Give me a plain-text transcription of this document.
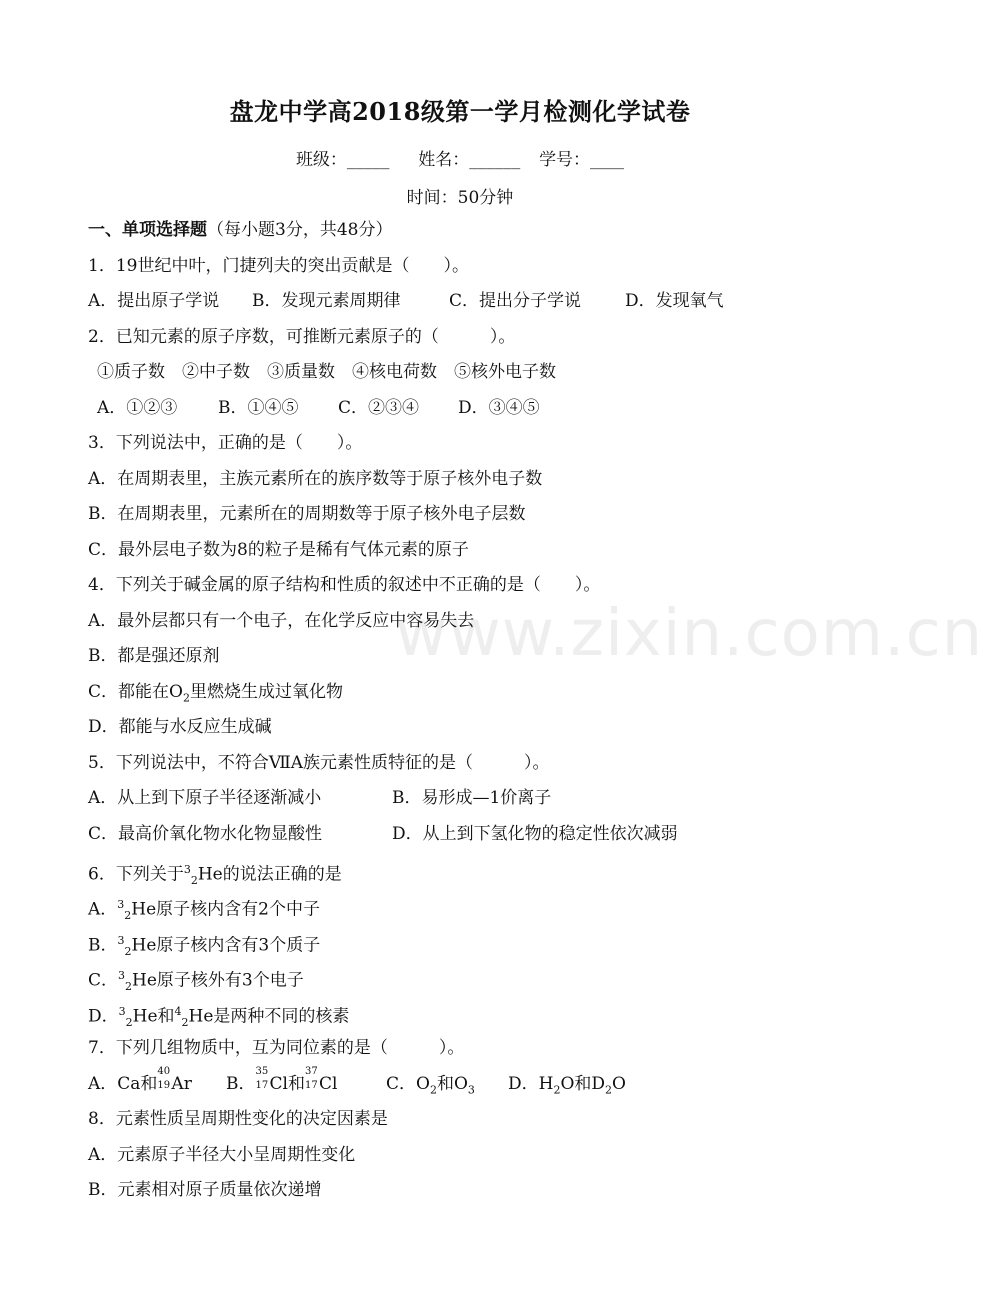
www.zixin.com.cn
盘龙中学高2018级第一学月检测化学试卷
班级：_____ 姓名：______ 学号：____
时间：50分钟
一、单项选择题（每小题3分，共48分）
1．19世纪中叶，门捷列夫的突出贡献是（　　）。
A．提出原子学说 B．发现元素周期律	C．提出分子学说	D．发现氧气
2．已知元素的原子序数，可推断元素原子的（　　　）。
①质子数　②中子数　③质量数　④核电荷数　⑤核外电子数
A．①②③ B．①④⑤ C．②③④ D．③④⑤
3．下列说法中，正确的是（　　）。
A．在周期表里，主族元素所在的族序数等于原子核外电子数
B．在周期表里，元素所在的周期数等于原子核外电子层数
C．最外层电子数为8的粒子是稀有气体元素的原子
4．下列关于碱金属的原子结构和性质的叙述中不正确的是（　　）。
A．最外层都只有一个电子，在化学反应中容易失去
B．都是强还原剂
C．都能在$O_2$里燃烧生成过氧化物
D．都能与水反应生成碱
5．下列说法中，不符合ⅦA族元素性质特征的是（　　　）。
A．从上到下原子半径逐渐减小	B．易形成—1价离子
C．最高价氧化物水化物显酸性	D．从上到下氢化物的稳定性依次减弱
6．下列关于$^3_2$He的说法正确的是
A．$^3_2$He原子核内含有2个中子
B．$^3_2$He原子核内含有3个质子
C．$^3_2$He原子核外有3个电子
D．$^3_2$He和$^4_2$He是两种不同的核素
7．下列几组物质中，互为同位素的是（　　　）。
A．Ca和
40
19 Ar B．
35
17 Cl和
37
17 Cl	C．$O_2$和$O_3$ D．$H_2O$和$D_2O$
8．元素性质呈周期性变化的决定因素是
A．元素原子半径大小呈周期性变化
B．元素相对原子质量依次递增
